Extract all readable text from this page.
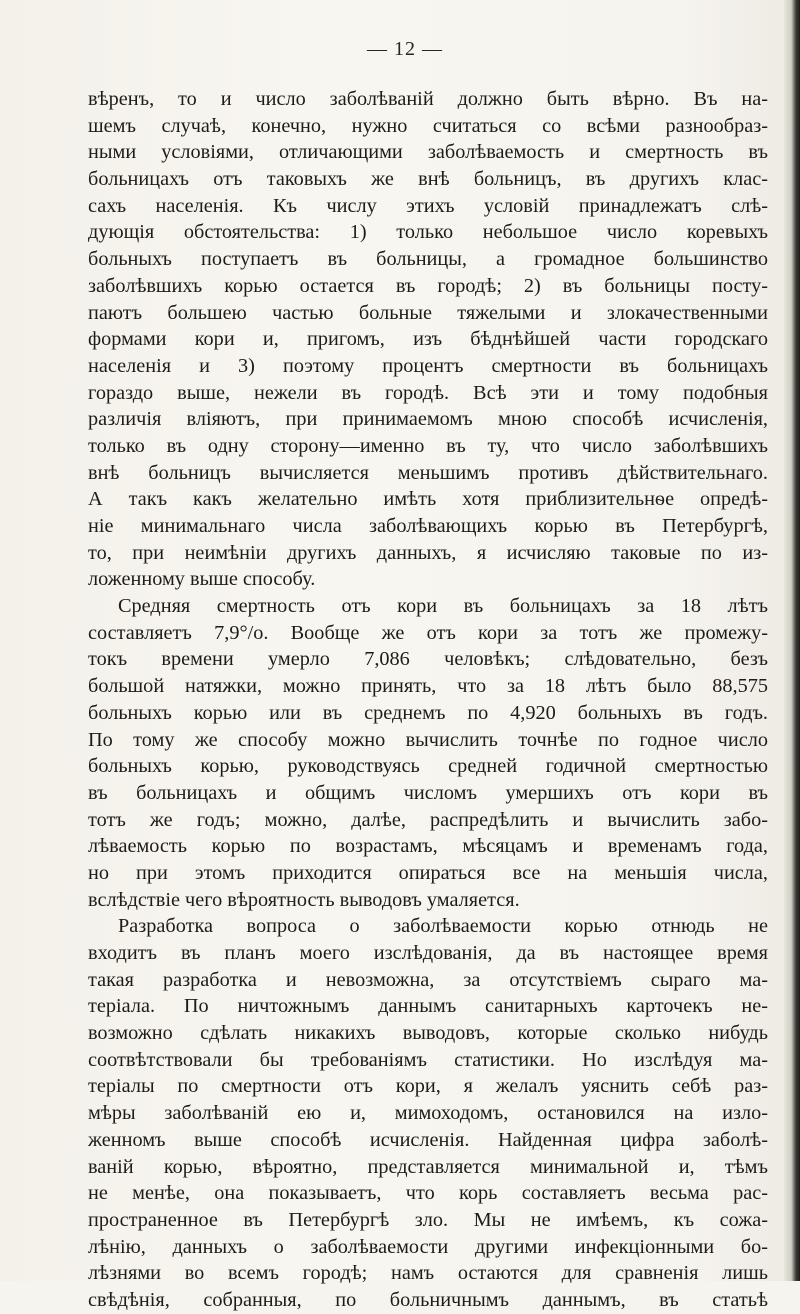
— 12 —
вѣренъ, то и число заболѣваній должно быть вѣрно. Въ на-
шемъ случаѣ, конечно, нужно считаться со всѣми разнообраз-
ными условіями, отличающими заболѣваемость и смертность въ
больницахъ отъ таковыхъ же внѣ больницъ, въ другихъ клас-
сахъ населенія. Къ числу этихъ условій принадлежатъ слѣ-
дующія обстоятельства: 1) только небольшое число коревыхъ
больныхъ поступаетъ въ больницы, а громадное большинство
заболѣвшихъ корью остается въ городѣ; 2) въ больницы посту-
паютъ большею частью больные тяжелыми и злокачественными
формами кори и, пригомъ, изъ бѣднѣйшей части городскаго
населенія и 3) поэтому процентъ смертности въ больницахъ
гораздо выше, нежели въ городѣ. Всѣ эти и тому подобныя
различія вліяютъ, при принимаемомъ мною способѣ исчисленія,
только въ одну сторону—именно въ ту, что число заболѣвшихъ
внѣ больницъ вычисляется меньшимъ противъ дѣйствительнаго.
А такъ какъ желательно имѣть хотя приблизительнѳе опредѣ-
ніе минимальнаго числа заболѣвающихъ корью въ Петербургѣ,
то, при неимѣніи другихъ данныхъ, я исчисляю таковые по из-
ложенному выше способу.
Средняя смертность отъ кори въ больницахъ за 18 лѣтъ
составляетъ 7,9°/о. Вообще же отъ кори за тотъ же промежу-
токъ времени умерло 7,086 человѣкъ; слѣдовательно, безъ
большой натяжки, можно принять, что за 18 лѣтъ было 88,575
больныхъ корью или въ среднемъ по 4,920 больныхъ въ годъ.
По тому же способу можно вычислить точнѣе по годное число
больныхъ корью, руководствуясь средней годичной смертностью
въ больницахъ и общимъ числомъ умершихъ отъ кори въ
тотъ же годъ; можно, далѣе, распредѣлить и вычислить забо-
лѣваемость корью по возрастамъ, мѣсяцамъ и временамъ года,
но при этомъ приходится опираться все на меньшія числа,
вслѣдствіе чего вѣроятность выводовъ умаляется.
Разработка вопроса о заболѣваемости корью отнюдь не
входитъ въ планъ моего изслѣдованія, да въ настоящее время
такая разработка и невозможна, за отсутствіемъ сыраго ма-
теріала. По ничтожнымъ даннымъ санитарныхъ карточекъ не-
возможно сдѣлать никакихъ выводовъ, которые сколько нибудь
соотвѣтствовали бы требованіямъ статистики. Но изслѣдуя ма-
теріалы по смертности отъ кори, я желалъ уяснить себѣ раз-
мѣры заболѣваній ею и, мимоходомъ, остановился на изло-
женномъ выше способѣ исчисленія. Найденная цифра заболѣ-
ваній корью, вѣроятно, представляется минимальной и, тѣмъ
не менѣе, она показываетъ, что корь составляетъ весьма рас-
пространенное въ Петербургѣ зло. Мы не имѣемъ, къ сожа-
лѣнію, данныхъ о заболѣваемости другими инфекціонными бо-
лѣзнями во всемъ городѣ; намъ остаются для сравненія лишь
свѣдѣнія, собранныя, по больничнымъ даннымъ, въ статьѣ
